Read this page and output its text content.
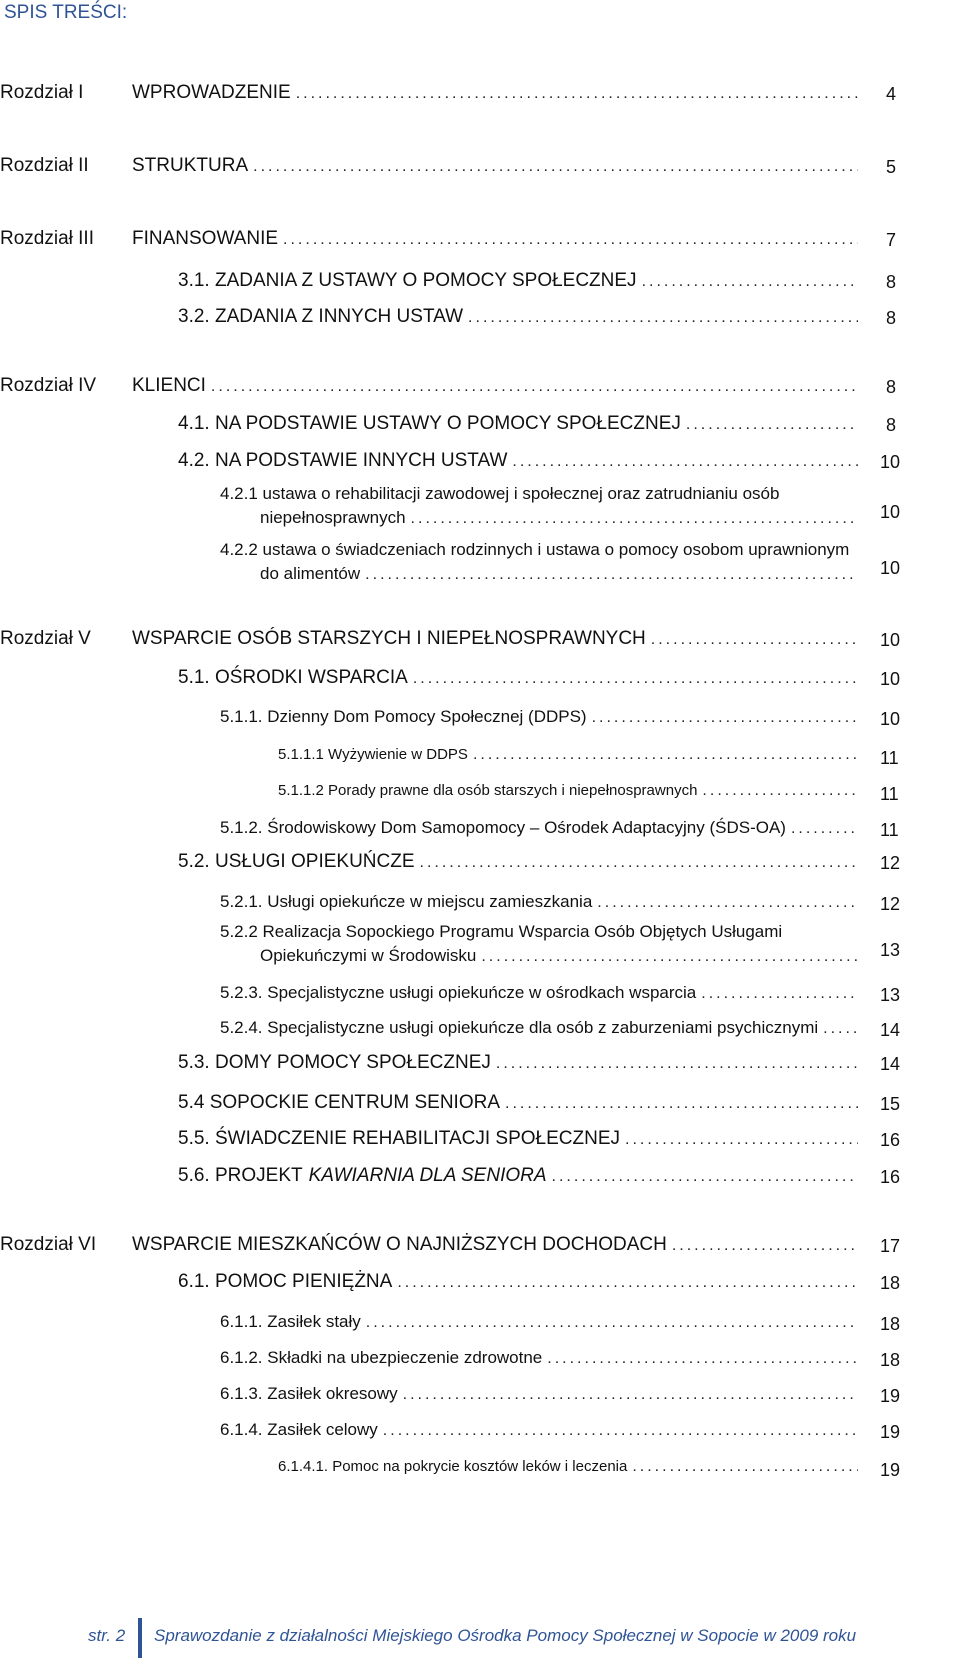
SPIS TREŚCI:
Rozdział I	WPROWADZENIE .....	4
Rozdział II STRUKTURA .....	5
Rozdział III FINANSOWANIE .....	7
3.1. ZADANIA Z USTAWY O POMOCY SPOŁECZNEJ .....	8
3.2. ZADANIA Z INNYCH USTAW .....	8
Rozdział IV KLIENCI .....	8
4.1. NA PODSTAWIE USTAWY O POMOCY SPOŁECZNEJ .....	8
4.2. NA PODSTAWIE INNYCH USTAW .....	10
4.2.1 ustawa o rehabilitacji zawodowej i społecznej oraz zatrudnianiu osób
niepełnosprawnych .....	10
4.2.2 ustawa o świadczeniach rodzinnych i ustawa o pomocy osobom uprawnionym
do alimentów .....	10
Rozdział V WSPARCIE OSÓB STARSZYCH I NIEPEŁNOSPRAWNYCH .....	10
5.1. OŚRODKI WSPARCIA .....	10
5.1.1. Dzienny Dom Pomocy Społecznej (DDPS) .....	10
5.1.1.1 Wyżywienie w DDPS .....	11
5.1.1.2 Porady prawne dla osób starszych i niepełnosprawnych .....	11
5.1.2. Środowiskowy Dom Samopomocy – Ośrodek Adaptacyjny (ŚDS-OA) .....	11
5.2. USŁUGI OPIEKUŃCZE .....	12
5.2.1. Usługi opiekuńcze w miejscu zamieszkania .....	12
5.2.2 Realizacja Sopockiego Programu Wsparcia Osób Objętych Usługami
Opiekuńczymi w Środowisku .....	13
5.2.3. Specjalistyczne usługi opiekuńcze w ośrodkach wsparcia .....	13
5.2.4. Specjalistyczne usługi opiekuńcze dla osób z zaburzeniami psychicznymi .....	14
5.3. DOMY POMOCY SPOŁECZNEJ .....	14
5.4 SOPOCKIE CENTRUM SENIORA .....	15
5.5. ŚWIADCZENIE REHABILITACJI SPOŁECZNEJ .....	16
5.6. PROJEKT KAWIARNIA DLA SENIORA .....	16
Rozdział VI WSPARCIE MIESZKAŃCÓW O NAJNIŻSZYCH DOCHODACH .....	17
6.1. POMOC PIENIĘŻNA .....	18
6.1.1. Zasiłek stały .....	18
6.1.2. Składki na ubezpieczenie zdrowotne .....	18
6.1.3. Zasiłek okresowy .....	19
6.1.4. Zasiłek celowy .....	19
6.1.4.1. Pomoc na pokrycie kosztów leków i leczenia .....	19
str. 2 Sprawozdanie z działalności Miejskiego Ośrodka Pomocy Społecznej w Sopocie w 2009 roku
